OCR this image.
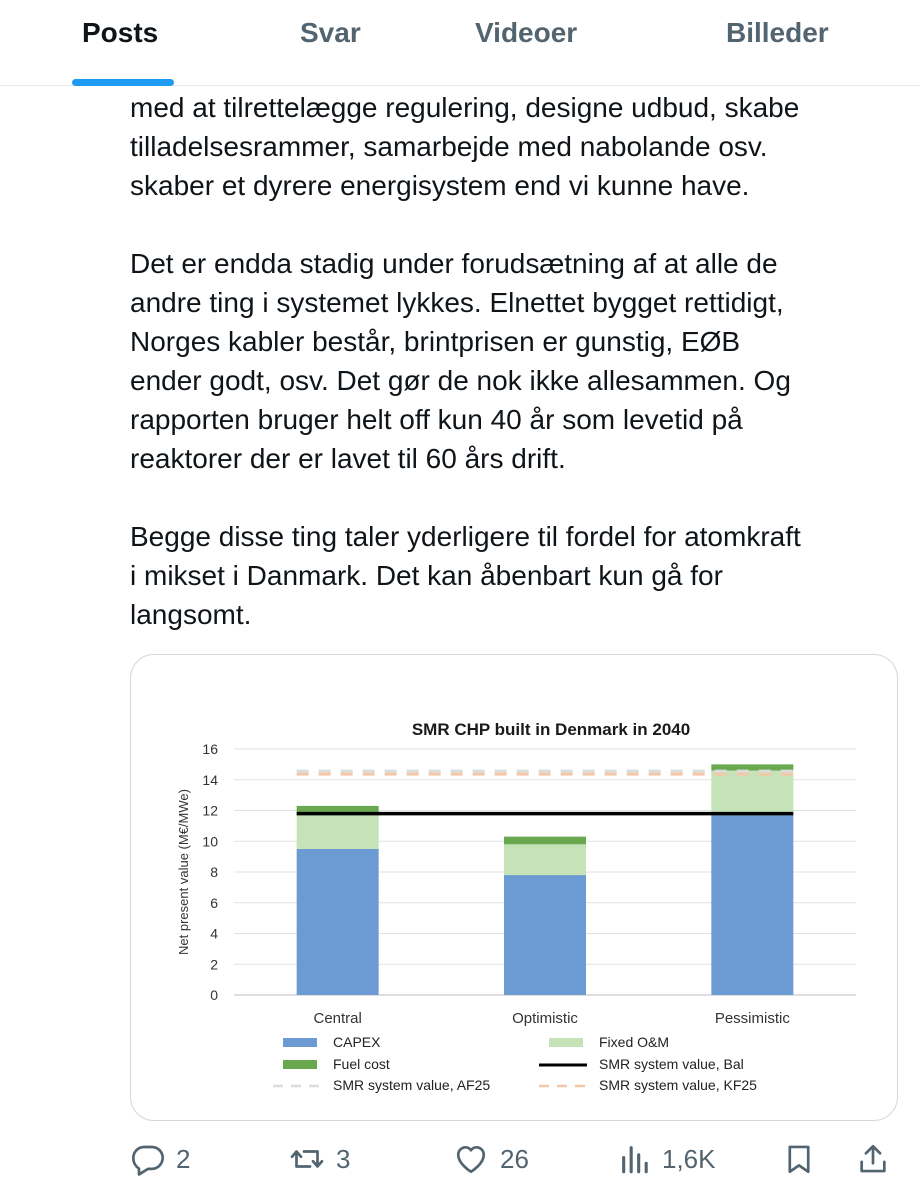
Posts	Svar	Videoer	Billeder

med at tilrettelægge regulering, designe udbud, skabe
tilladelsesrammer, samarbejde med nabolande osv.
skaber et dyrere energisystem end vi kunne have.

Det er endda stadig under forudsætning af at alle de
andre ting i systemet lykkes. Elnettet bygget rettidigt,
Norges kabler består, brintprisen er gunstig, EØB
ender godt, osv. Det gør de nok ikke allesammen. Og
rapporten bruger helt off kun 40 år som levetid på
reaktorer der er lavet til 60 års drift.

Begge disse ting taler yderligere til fordel for atomkraft
i mikset i Danmark. Det kan åbenbart kun gå for
langsomt.

SMR CHP built in Denmark in 2040
0
2
4
6
8
10
12
14
16
Net present value (M€/MWe)
Central	Optimistic	Pessimistic
CAPEX	Fixed O&M
Fuel cost	SMR system value, Bal
SMR system value, AF25	SMR system value, KF25
2	3	26	1,6K
